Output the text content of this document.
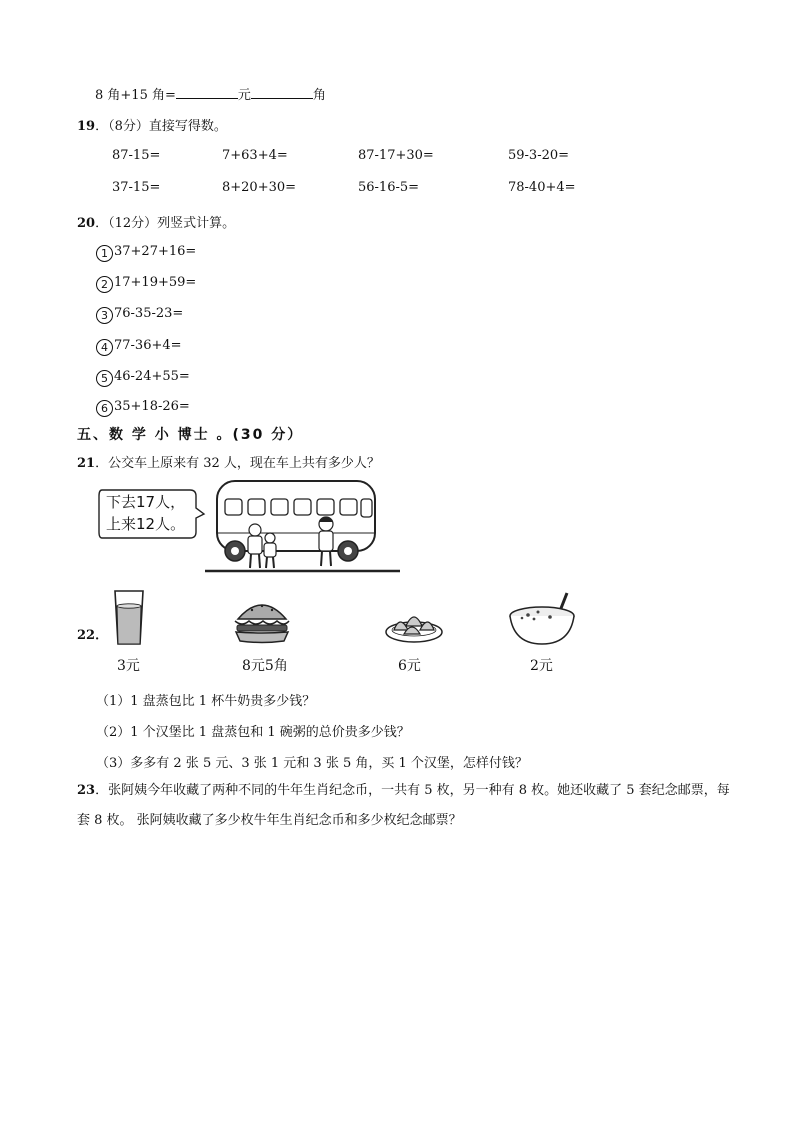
8 角+15 角=	元	角
19．（8分）直接写得数。
87-15=	7+63+4=	87-17+30=	59-3-20=
37-15=	8+20+30=	56-16-5=	78-40+4=
20．（12分）列竖式计算。
1 37+27+16=
2 17+19+59=
3 76-35-23=
4 77-36+4=
5 46-24+55=
6 35+18-26=
五、数 学 小 博士 。(30 分）
21．公交车上原来有 32 人，现在车上共有多少人？
下去17人，
上来12人。
22．
3元	8元5角	6元	2元
（1）1 盘蒸包比 1 杯牛奶贵多少钱？
（2）1 个汉堡比 1 盘蒸包和 1 碗粥的总价贵多少钱？
（3）多多有 2 张 5 元、3 张 1 元和 3 张 5 角，买 1 个汉堡，怎样付钱？
23．张阿姨今年收藏了两种不同的牛年生肖纪念币，一共有 5 枚，另一种有 8 枚。她还收藏了 5 套纪念邮票，每套 8 枚。 张阿姨收藏了多少枚牛年生肖纪念币和多少枚纪念邮票？
